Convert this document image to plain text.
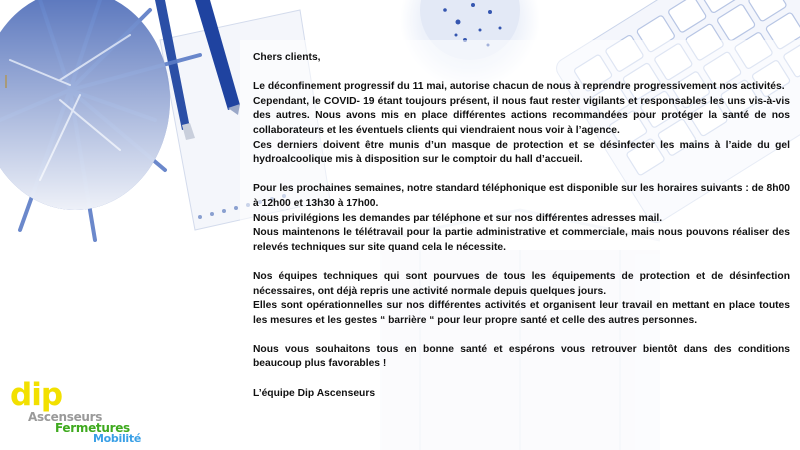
Chers clients,

Le déconfinement progressif du 11 mai, autorise chacun de nous à reprendre progressivement nos activités.

Cependant, le COVID- 19 étant toujours présent, il nous faut rester vigilants et responsables les uns vis-à-vis des autres. Nous avons mis en place différentes actions recommandées pour protéger la santé de nos collaborateurs et les éventuels clients qui viendraient nous voir à l’agence.

Ces derniers doivent être munis d’un masque de protection et se désinfecter les mains à l’aide du gel hydroalcoolique mis à disposition sur le comptoir du hall d’accueil.

Pour les prochaines semaines, notre standard téléphonique est disponible sur les horaires suivants : de 8h00 à 12h00 et 13h30 à 17h00.

Nous privilégions les demandes par téléphone et sur nos différentes adresses mail.

Nous maintenons le télétravail pour la partie administrative et commerciale, mais nous pouvons réaliser des relevés techniques sur site quand cela le nécessite.

Nos équipes techniques qui sont pourvues de tous les équipements de protection et de désinfection nécessaires, ont déjà repris une activité normale depuis quelques jours.

Elles sont opérationnelles sur nos différentes activités et organisent leur travail en mettant en place toutes les mesures et les gestes “ barrière “ pour leur propre santé et celle des autres personnes.

Nous vous souhaitons tous en bonne santé et espérons vous retrouver bientôt dans des conditions beaucoup plus favorables !

L’équipe Dip Ascenseurs

dip
Ascenseurs
Fermetures
Mobilité
